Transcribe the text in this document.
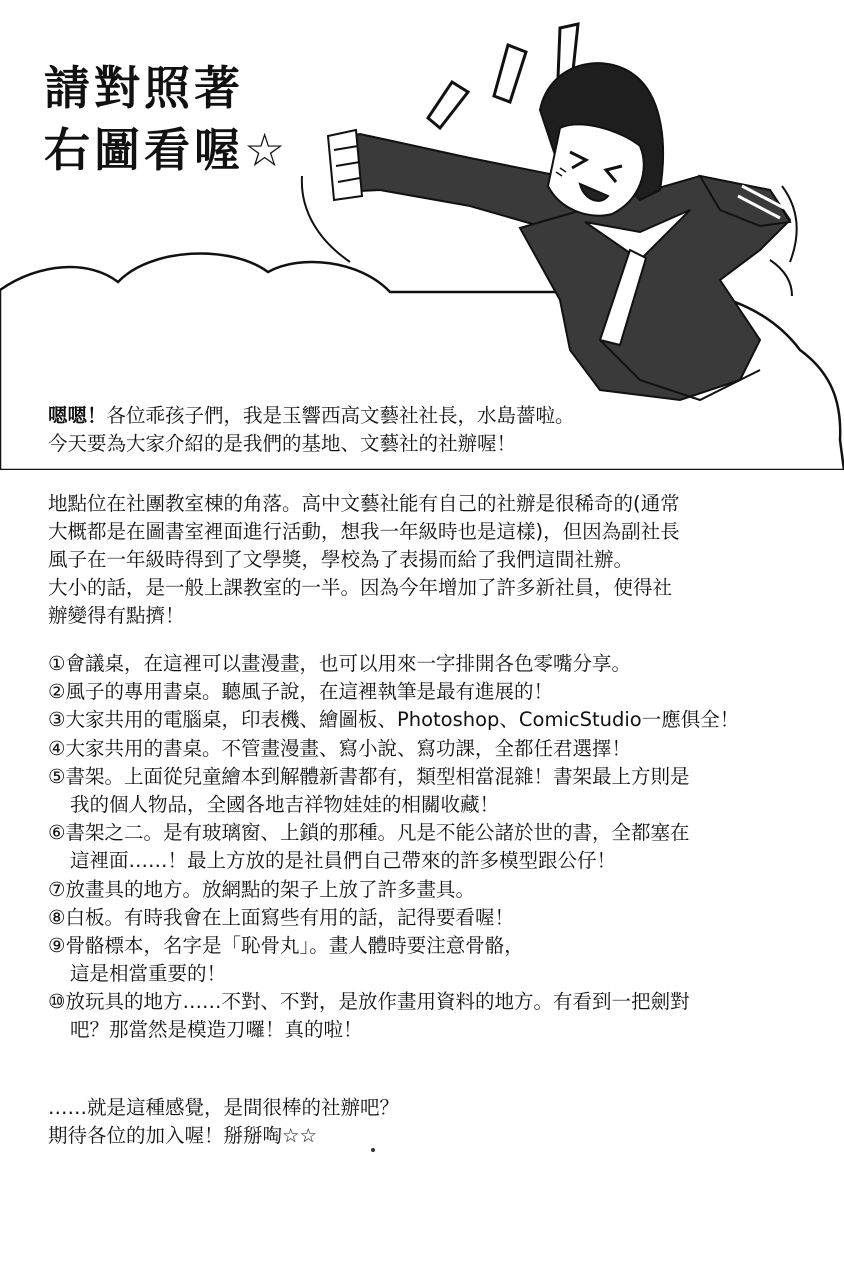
請對照著
右圖看喔☆
嗯嗯！各位乖孩子們，我是玉響西高文藝社社長，水島薔啦。
今天要為大家介紹的是我們的基地、文藝社的社辦喔！
地點位在社團教室棟的角落。高中文藝社能有自己的社辦是很稀奇的(通常
大概都是在圖書室裡面進行活動，想我一年級時也是這樣)，但因為副社長
風子在一年級時得到了文學獎，學校為了表揚而給了我們這間社辦。
大小的話，是一般上課教室的一半。因為今年增加了許多新社員，使得社
辦變得有點擠！
①會議桌，在這裡可以畫漫畫，也可以用來一字排開各色零嘴分享。
②風子的專用書桌。聽風子說，在這裡執筆是最有進展的！
③大家共用的電腦桌，印表機、繪圖板、Photoshop、ComicStudio一應俱全！
④大家共用的書桌。不管畫漫畫、寫小說、寫功課，全都任君選擇！
⑤書架。上面從兒童繪本到解體新書都有，類型相當混雜！書架最上方則是
我的個人物品，全國各地吉祥物娃娃的相關收藏！
⑥書架之二。是有玻璃窗、上鎖的那種。凡是不能公諸於世的書，全都塞在
這裡面……！最上方放的是社員們自己帶來的許多模型跟公仔！
⑦放畫具的地方。放網點的架子上放了許多畫具。
⑧白板。有時我會在上面寫些有用的話，記得要看喔！
⑨骨骼標本，名字是「恥骨丸」。畫人體時要注意骨骼，
這是相當重要的！
⑩放玩具的地方……不對、不對，是放作畫用資料的地方。有看到一把劍對
吧？那當然是模造刀囉！真的啦！
……就是這種感覺，是間很棒的社辦吧？
期待各位的加入喔！掰掰啕☆☆
